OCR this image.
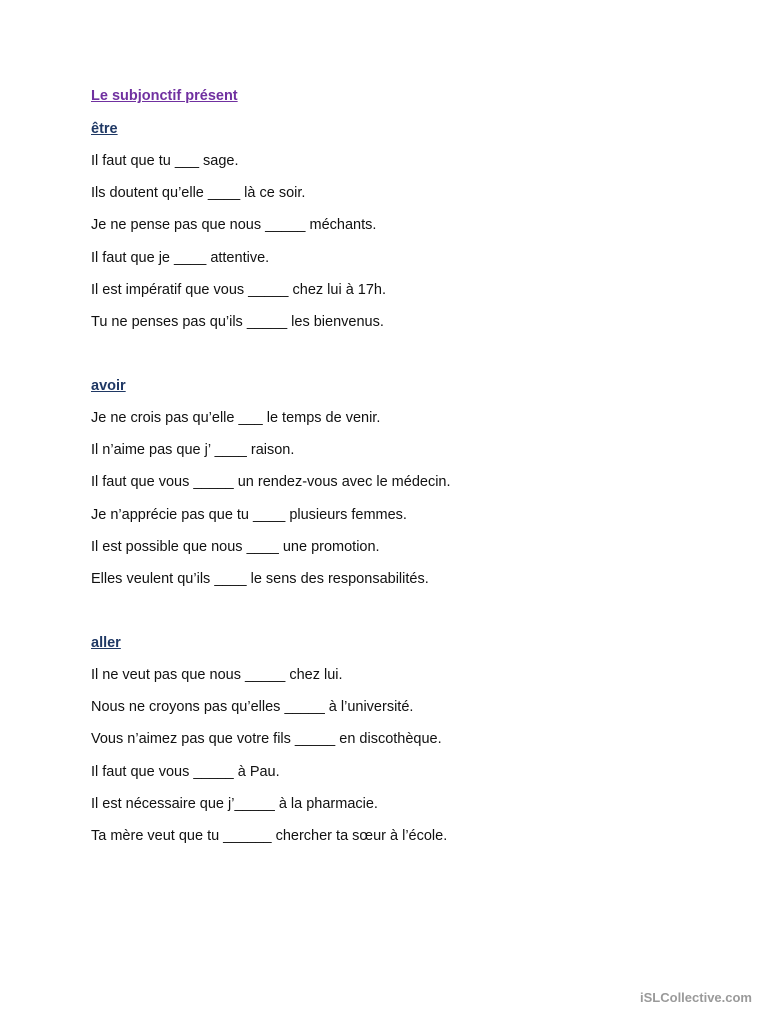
Le subjonctif présent
être
Il faut que tu ___ sage.
Ils doutent qu’elle ____ là ce soir.
Je ne pense pas que nous _____ méchants.
Il faut que je ____ attentive.
Il est impératif que vous _____ chez lui à 17h.
Tu ne penses pas qu’ils _____ les bienvenus.
avoir
Je ne crois pas qu’elle ___ le temps de venir.
Il n’aime pas que j’ ____ raison.
Il faut que vous _____ un rendez-vous avec le médecin.
Je n’apprécie pas que tu ____ plusieurs femmes.
Il est possible que nous ____ une promotion.
Elles veulent qu’ils ____ le sens des responsabilités.
aller
Il ne veut pas que nous _____ chez lui.
Nous ne croyons pas qu’elles _____ à l’université.
Vous n’aimez pas que votre fils _____ en discothèque.
Il faut que vous _____ à Pau.
Il est nécessaire que j’_____ à la pharmacie.
Ta mère veut que tu ______ chercher ta sœur à l’école.
iSLCollective.com
